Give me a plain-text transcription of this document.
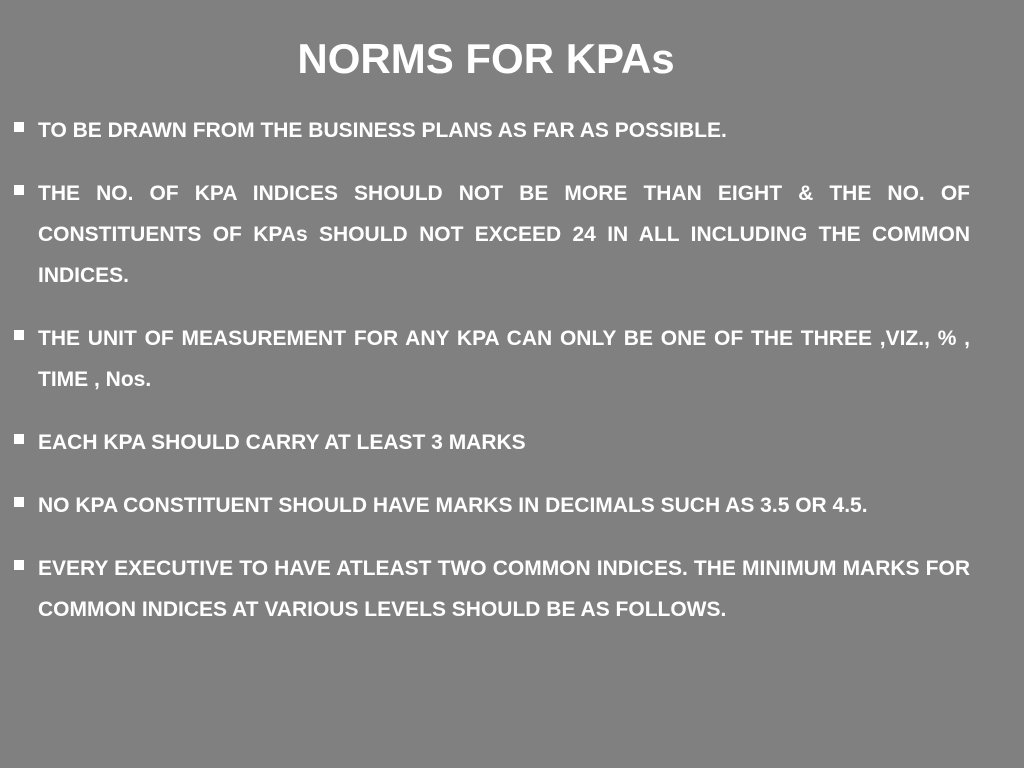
NORMS FOR KPAs
TO BE DRAWN FROM THE BUSINESS PLANS AS FAR AS POSSIBLE.
THE NO. OF KPA INDICES SHOULD NOT BE MORE THAN EIGHT & THE NO. OF CONSTITUENTS OF KPAs SHOULD NOT EXCEED 24 IN ALL INCLUDING THE COMMON INDICES.
THE UNIT OF MEASUREMENT FOR ANY KPA CAN ONLY BE ONE OF THE THREE ,VIZ., % , TIME , Nos.
EACH KPA SHOULD CARRY AT LEAST 3 MARKS
NO KPA CONSTITUENT SHOULD HAVE MARKS IN DECIMALS SUCH AS 3.5 OR 4.5.
EVERY EXECUTIVE TO HAVE ATLEAST TWO COMMON INDICES. THE MINIMUM MARKS FOR COMMON INDICES AT VARIOUS LEVELS SHOULD BE AS FOLLOWS.
